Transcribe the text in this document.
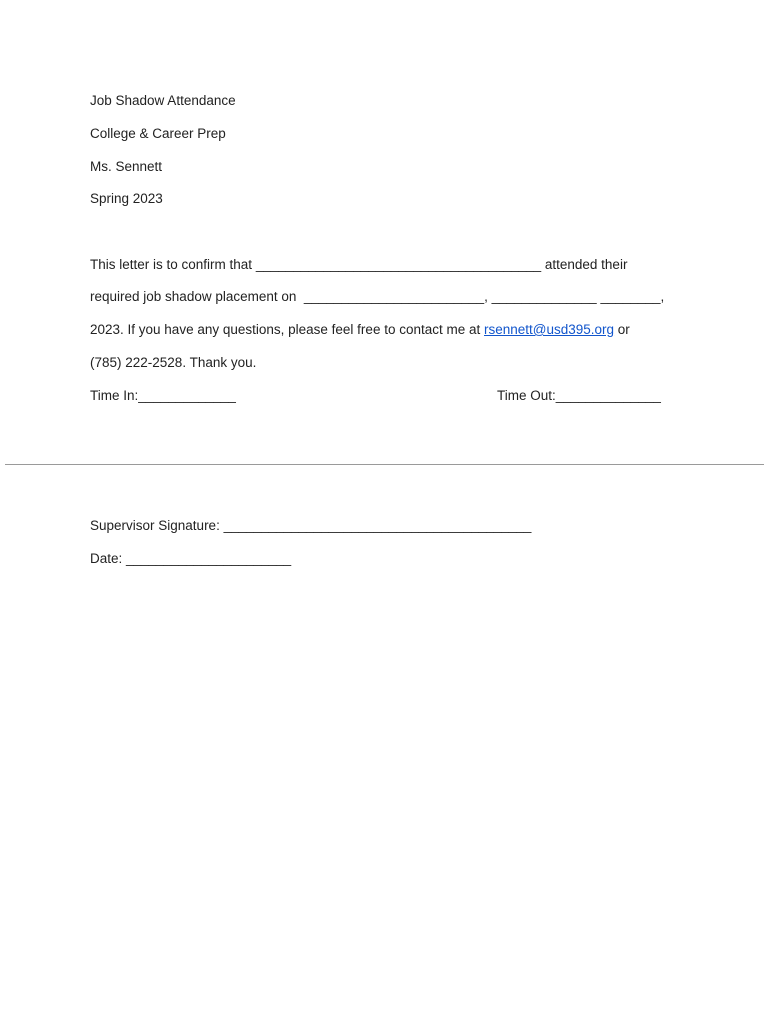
Job Shadow Attendance
College & Career Prep
Ms. Sennett
Spring 2023
This letter is to confirm that ______________________________________ attended their
required job shadow placement on  ________________________, ______________ ________,
2023. If you have any questions, please feel free to contact me at rsennett@usd395.org or
(785) 222-2528. Thank you.
Time In:_____________	Time Out:______________
Supervisor Signature: _________________________________________
Date: ______________________
